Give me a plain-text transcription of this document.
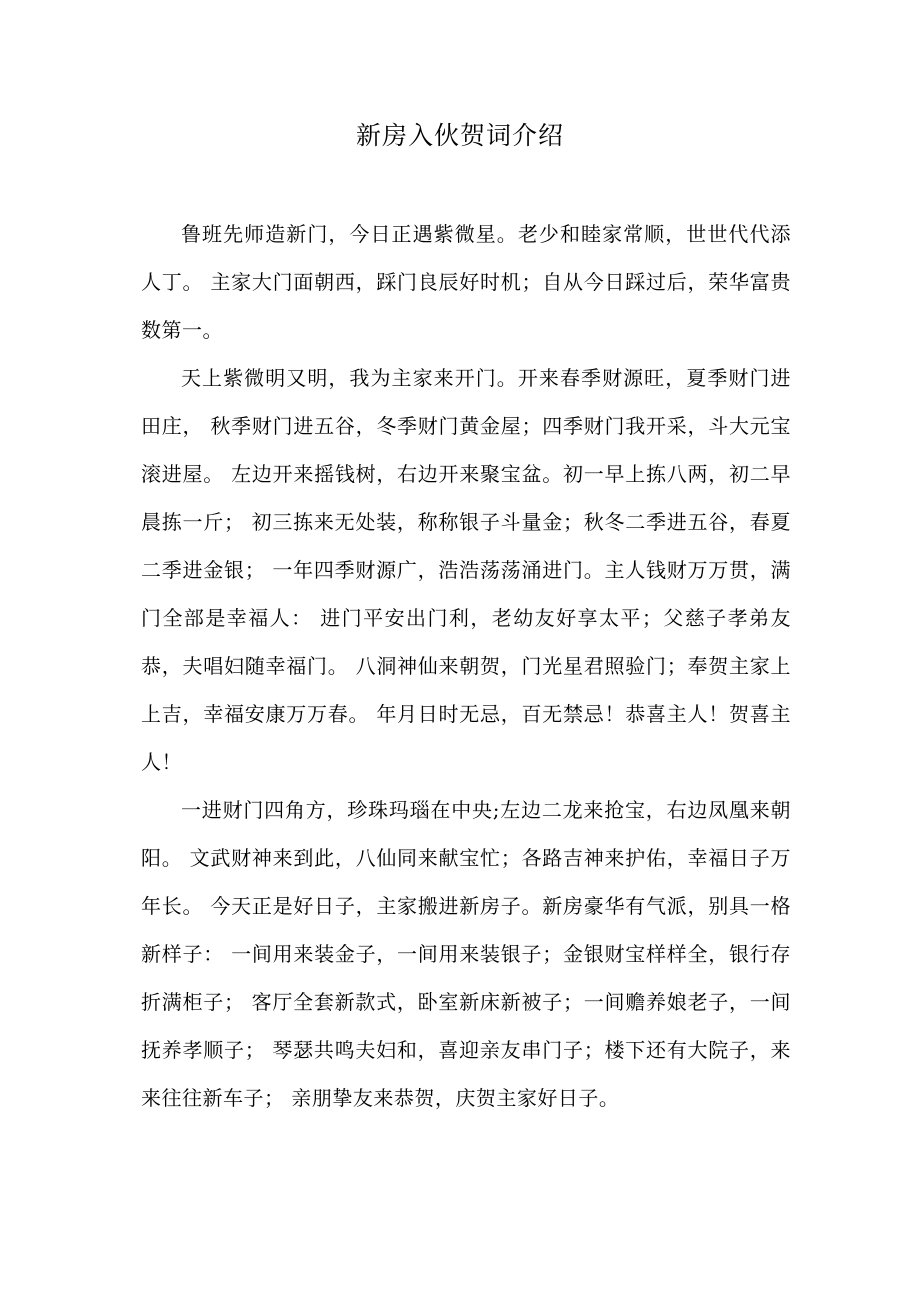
新房入伙贺词介绍

鲁班先师造新门，今日正遇紫微星。老少和睦家常顺，世世代代添人丁。 主家大门面朝西，踩门良辰好时机；自从今日踩过后，荣华富贵数第一。

天上紫微明又明，我为主家来开门。开来春季财源旺，夏季财门进田庄， 秋季财门进五谷，冬季财门黄金屋；四季财门我开采，斗大元宝滚进屋。 左边开来摇钱树，右边开来聚宝盆。初一早上拣八两，初二早晨拣一斤； 初三拣来无处装，称称银子斗量金；秋冬二季进五谷，春夏二季进金银； 一年四季财源广，浩浩荡荡涌进门。主人钱财万万贯，满门全部是幸福人： 进门平安出门利，老幼友好享太平；父慈子孝弟友恭，夫唱妇随幸福门。 八洞神仙来朝贺，门光星君照验门；奉贺主家上上吉，幸福安康万万春。 年月日时无忌，百无禁忌！恭喜主人！贺喜主人！

一进财门四角方，珍珠玛瑙在中央;左边二龙来抢宝，右边凤凰来朝阳。 文武财神来到此，八仙同来献宝忙；各路吉神来护佑，幸福日子万年长。 今天正是好日子，主家搬进新房子。新房豪华有气派，别具一格新样子： 一间用来装金子，一间用来装银子；金银财宝样样全，银行存折满柜子； 客厅全套新款式，卧室新床新被子；一间赡养娘老子，一间抚养孝顺子； 琴瑟共鸣夫妇和，喜迎亲友串门子；楼下还有大院子，来来往往新车子； 亲朋挚友来恭贺，庆贺主家好日子。
